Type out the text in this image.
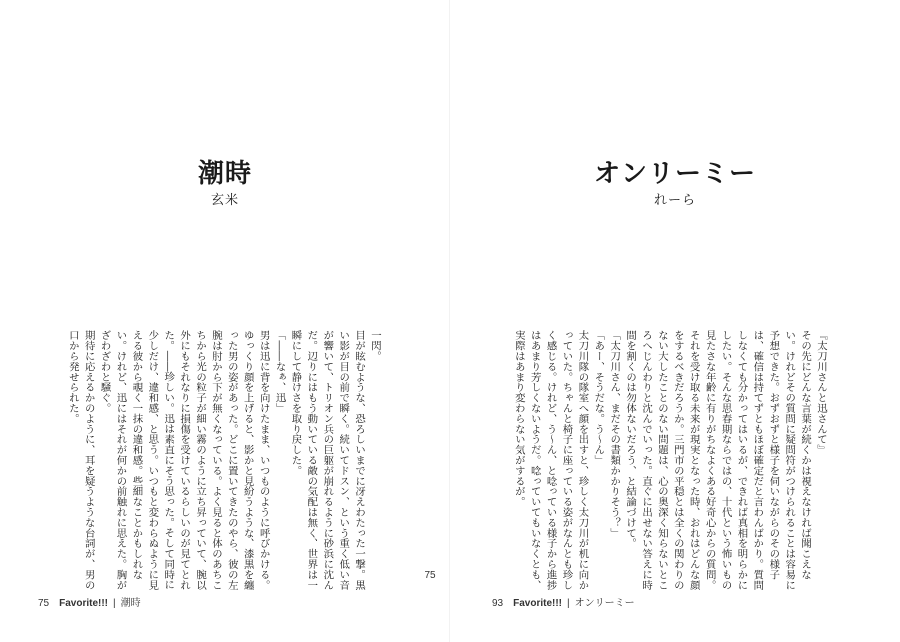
潮時
玄米

一閃。

目が眩むような、恐ろしいまでに冴えわたった一撃。黒い影が目の前で瞬く。続いてドスン、という重く低い音が響いて、トリオン兵の巨躯が崩れるように砂浜に沈んだ。辺りにはもう動いている敵の気配は無く、世界は一瞬にして静けさを取り戻した。

「――なぁ、迅」

男は迅に背を向けたまま、いつものように呼びかける。ゆっくり顔を上げると、影かと見紛うような、漆黒を纏った男の姿があった。どこに置いてきたのやら、彼の左腕は肘から下が無くなっている。よく見ると体のあちこちから光の粒子が細い霧のように立ち昇っていて、腕以外にもそれなりに損傷を受けているらしいのが見てとれた。――珍しい。迅は素直にそう思った。そして同時に少しだけ、違和感、と思う。いつもと変わらぬように見える彼から覗く一抹の違和感。些細なことかもしれない。けれど、迅にはそれが何かの前触れに思えた。胸がざわざわと騒ぐ。

期待に応えるかのように、耳を疑うような台詞が、男の口から発せられた。

75 Favorite!!! | 潮時
75
オンリーミー
れーら

『太刀川さんと迅さんて』

その先にどんな言葉が続くかは視えなければ聞こえない。けれどその質問に疑問符がつけられることは容易に予想できた。おずおずと様子を伺いながらのその様子は、確信は持てずともほぼ確定だと言わんばかり。質問しなくても分かってはいるが、できれば真相を明らかにしたい。そんな思春期ならではの、十代という怖いもの見たさな年齢に有りがちなよくある好奇心からの質問。それを受け取る未来が現実となった時、おれはどんな顔をするべきだろうか。三門市の平穏とは全くの関わりのない大したことのない問題は、心の奥深く知らないところへじんわりと沈んでいった。直ぐに出せない答えに時間を割くのは勿体ないだろう、と結論づけて。

「太刀川さん、まだその書類かかりそう？」

「あー、そうだな。う〜ん」

太刀川隊の隊室へ顔を出すと、珍しく太刀川が机に向かっていた。ちゃんと椅子に座っている姿がなんとも珍しく感じる。けれど、う〜ん、と唸っている様子から進捗はあまり芳しくないようだ。唸っていてもいなくとも、実際はあまり変わらない気がするが。

93 Favorite!!! | オンリーミー
